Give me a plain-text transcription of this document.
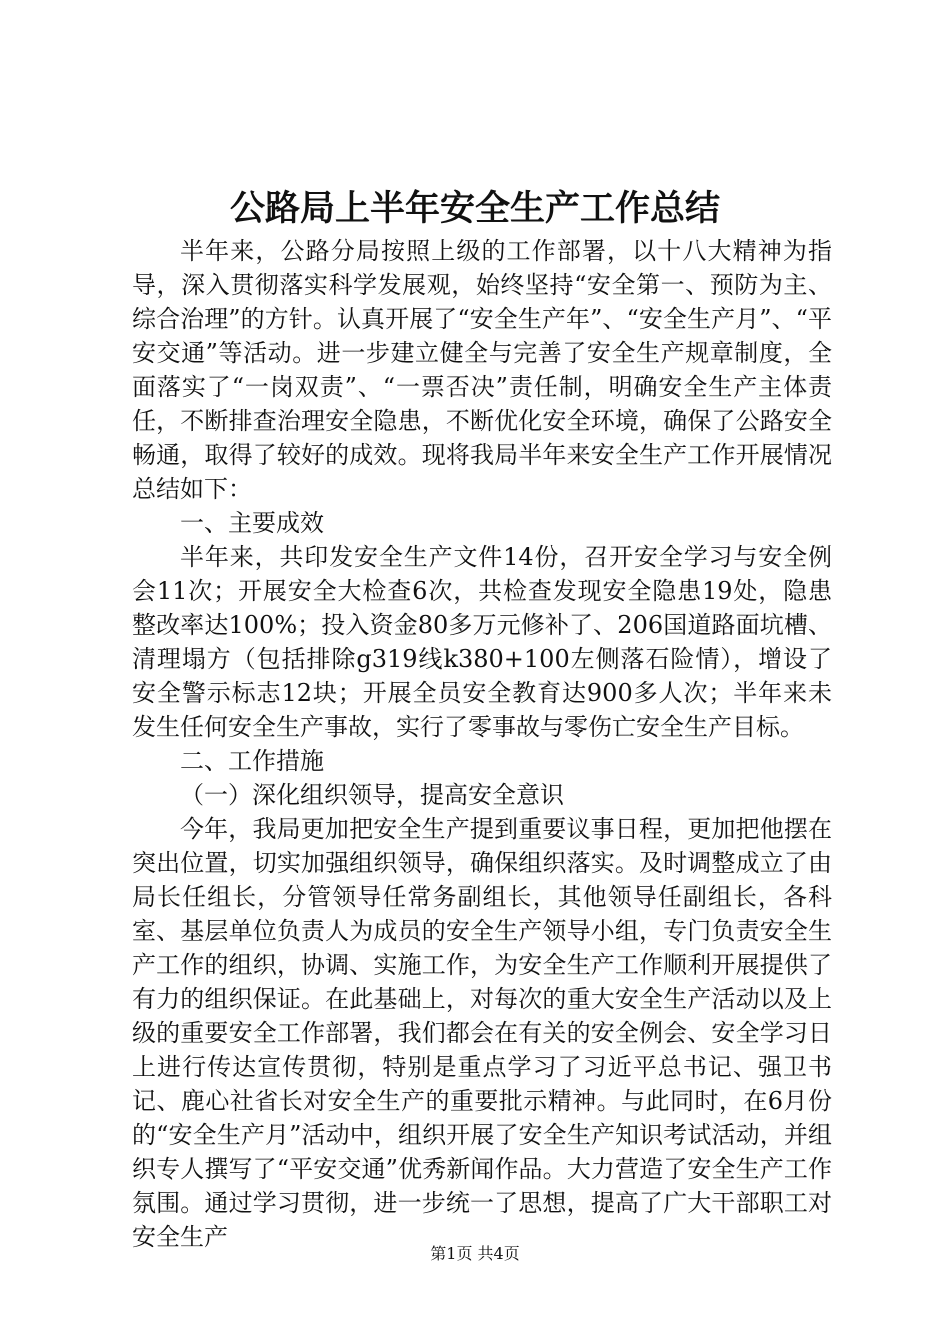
公路局上半年安全生产工作总结

半年来，公路分局按照上级的工作部署，以十八大精神为指导，深入贯彻落实科学发展观，始终坚持“安全第一、预防为主、综合治理”的方针。认真开展了“安全生产年”、“安全生产月”、“平安交通”等活动。进一步建立健全与完善了安全生产规章制度，全面落实了“一岗双责”、“一票否决”责任制，明确安全生产主体责任，不断排查治理安全隐患，不断优化安全环境，确保了公路安全畅通，取得了较好的成效。现将我局半年来安全生产工作开展情况总结如下：

一、主要成效

半年来，共印发安全生产文件14份，召开安全学习与安全例会11次；开展安全大检查6次，共检查发现安全隐患19处，隐患整改率达100%；投入资金80多万元修补了、206国道路面坑槽、清理塌方（包括排除g319线k380+100左侧落石险情），增设了安全警示标志12块；开展全员安全教育达900多人次；半年来未发生任何安全生产事故，实行了零事故与零伤亡安全生产目标。

二、工作措施

（一）深化组织领导，提高安全意识

今年，我局更加把安全生产提到重要议事日程，更加把他摆在突出位置，切实加强组织领导，确保组织落实。及时调整成立了由局长任组长，分管领导任常务副组长，其他领导任副组长，各科室、基层单位负责人为成员的安全生产领导小组，专门负责安全生产工作的组织，协调、实施工作，为安全生产工作顺利开展提供了有力的组织保证。在此基础上，对每次的重大安全生产活动以及上级的重要安全工作部署，我们都会在有关的安全例会、安全学习日上进行传达宣传贯彻，特别是重点学习了习近平总书记、强卫书记、鹿心社省长对安全生产的重要批示精神。与此同时，在6月份的“安全生产月”活动中，组织开展了安全生产知识考试活动，并组织专人撰写了“平安交通”优秀新闻作品。大力营造了安全生产工作氛围。通过学习贯彻，进一步统一了思想，提高了广大干部职工对安全生产

第1页 共4页
